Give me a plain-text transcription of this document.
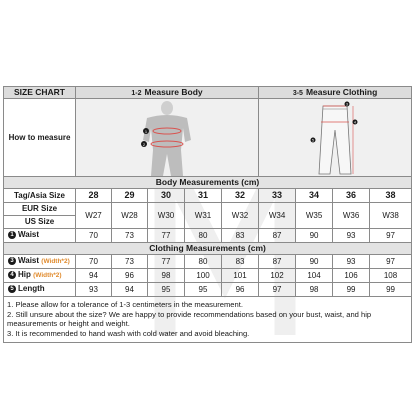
SIZE CHART	1-2 Measure Body					3-5 Measure Clothing			
How to measure	1
2					3
4
5			

Body Measurements (cm)									
Tag/Asia Size	28	29	30	31	32	33	34	36	38
EUR Size	W27	W28	W30	W31	W32	W34	W35	W36	W38
US Size									
1 Waist	70	73	77	80	83	87	90	93	97
Clothing Measurements (cm)									
3 Waist (Width*2)	70	73	77	80	83	87	90	93	97
4 Hip (Width*2)	94	96	98	100	101	102	104	106	108
5 Length	93	94	95	95	96	97	98	99	99

1. Please allow for a tolerance of 1-3 centimeters in the measurement.
2. Still unsure about the size? We are happy to provide recommendations based on your bust, waist, and hip measurements or height and weight.
3. It is recommended to hand wash with cold water and avoid bleaching.									
